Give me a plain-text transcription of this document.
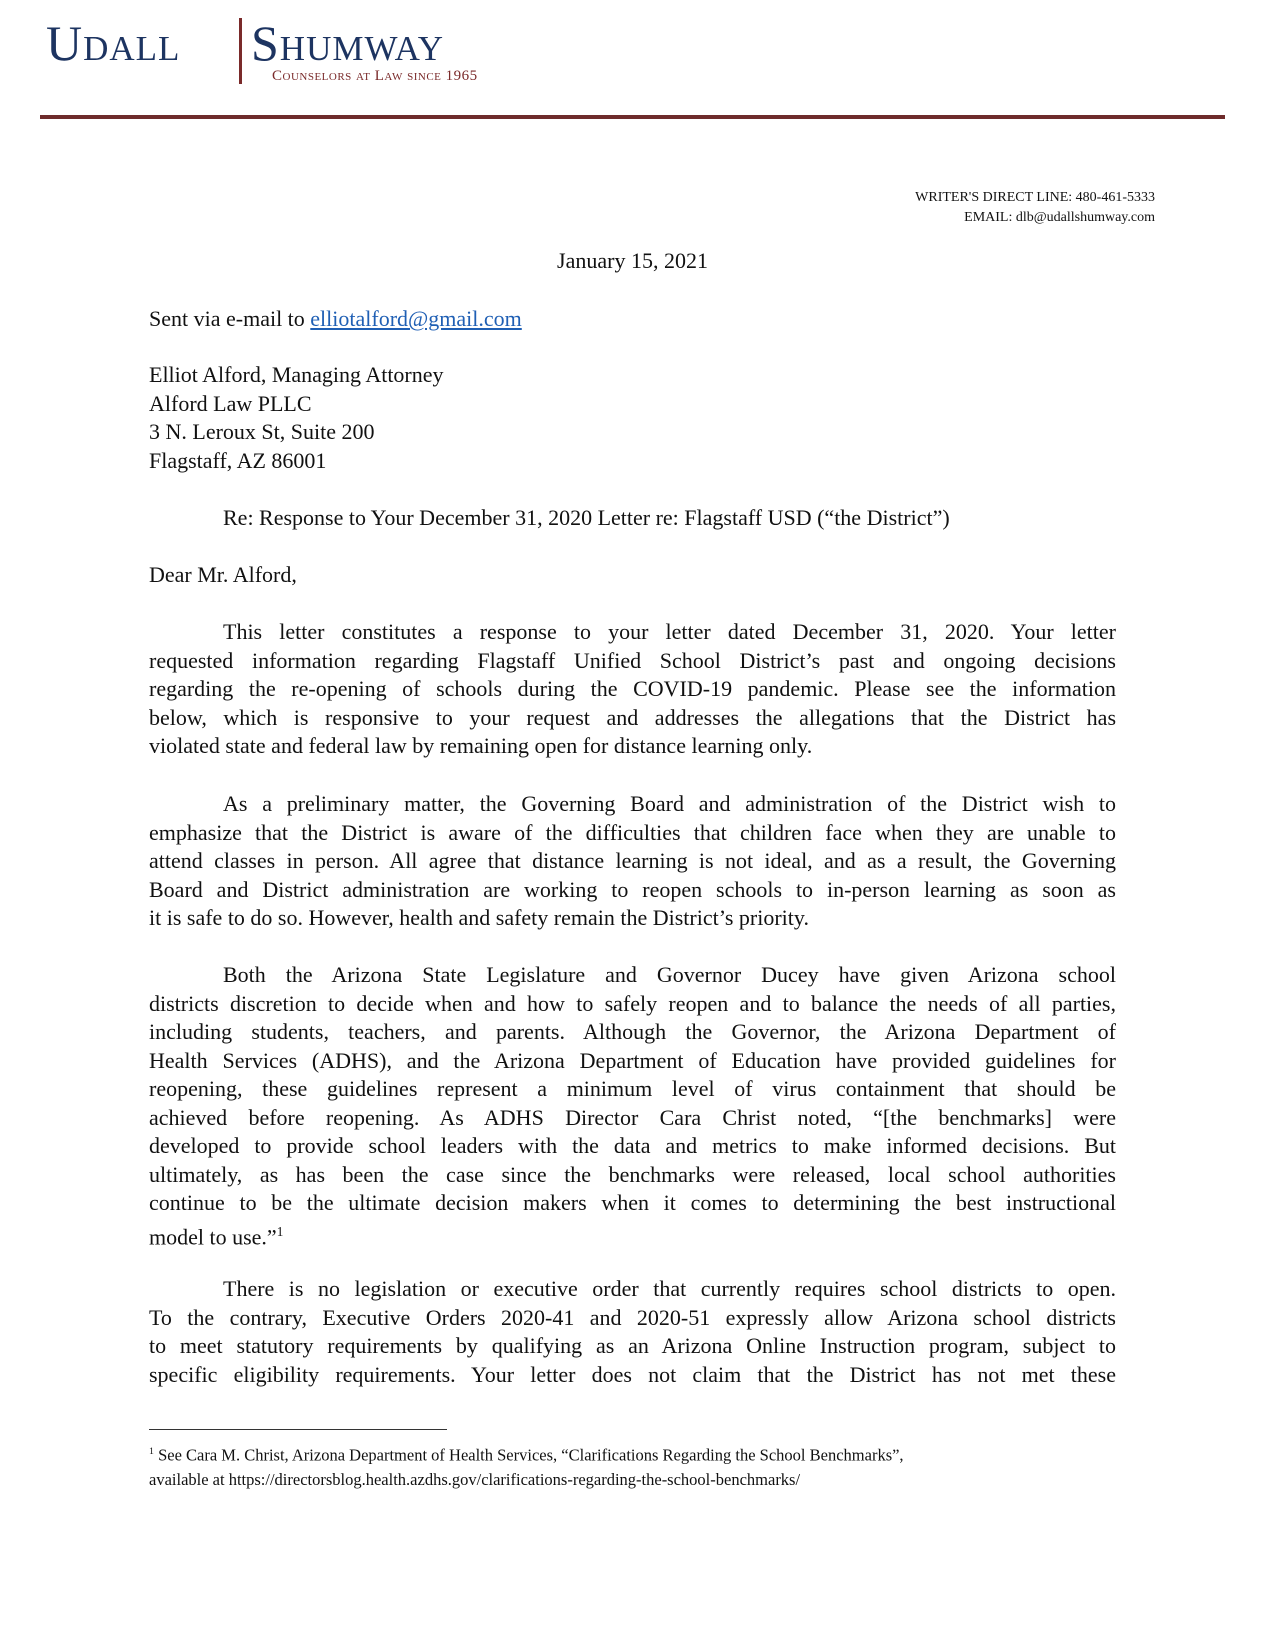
Udall Shumway
Counselors at Law since 1965
WRITER'S DIRECT LINE: 480-461-5333
EMAIL: dlb@udallshumway.com
January 15, 2021
Sent via e-mail to elliotalford@gmail.com
Elliot Alford, Managing Attorney
Alford Law PLLC
3 N. Leroux St, Suite 200
Flagstaff, AZ 86001
Re: Response to Your December 31, 2020 Letter re: Flagstaff USD (“the District”)
Dear Mr. Alford,
This letter constitutes a response to your letter dated December 31, 2020. Your letter
requested information regarding Flagstaff Unified School District’s past and ongoing decisions
regarding the re-opening of schools during the COVID-19 pandemic. Please see the information
below, which is responsive to your request and addresses the allegations that the District has
violated state and federal law by remaining open for distance learning only.
As a preliminary matter, the Governing Board and administration of the District wish to
emphasize that the District is aware of the difficulties that children face when they are unable to
attend classes in person. All agree that distance learning is not ideal, and as a result, the Governing
Board and District administration are working to reopen schools to in-person learning as soon as
it is safe to do so. However, health and safety remain the District’s priority.
Both the Arizona State Legislature and Governor Ducey have given Arizona school
districts discretion to decide when and how to safely reopen and to balance the needs of all parties,
including students, teachers, and parents. Although the Governor, the Arizona Department of
Health Services (ADHS), and the Arizona Department of Education have provided guidelines for
reopening, these guidelines represent a minimum level of virus containment that should be
achieved before reopening. As ADHS Director Cara Christ noted, “[the benchmarks] were
developed to provide school leaders with the data and metrics to make informed decisions. But
ultimately, as has been the case since the benchmarks were released, local school authorities
continue to be the ultimate decision makers when it comes to determining the best instructional
model to use.”$^1$
There is no legislation or executive order that currently requires school districts to open.
To the contrary, Executive Orders 2020-41 and 2020-51 expressly allow Arizona school districts
to meet statutory requirements by qualifying as an Arizona Online Instruction program, subject to
specific eligibility requirements. Your letter does not claim that the District has not met these
$^1$ See Cara M. Christ, Arizona Department of Health Services, “Clarifications Regarding the School Benchmarks”,
available at https://directorsblog.health.azdhs.gov/clarifications-regarding-the-school-benchmarks/
